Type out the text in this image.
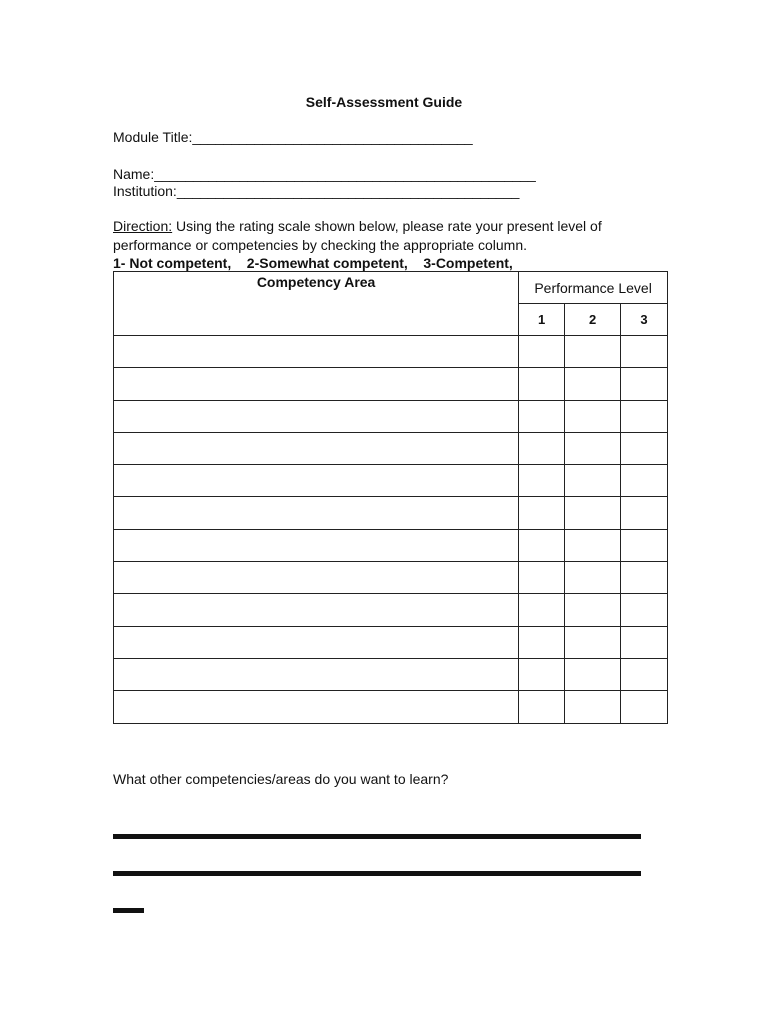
Self-Assessment Guide
Module Title:____________________________________
Name:_________________________________________________
Institution:____________________________________________
Direction: Using the rating scale shown below, please rate your present level of
performance or competencies by checking the appropriate column.
1- Not competent,    2-Somewhat competent,    3-Competent,
Competency Area	Performance Level		
	1	2	3

What other competencies/areas do you want to learn?
